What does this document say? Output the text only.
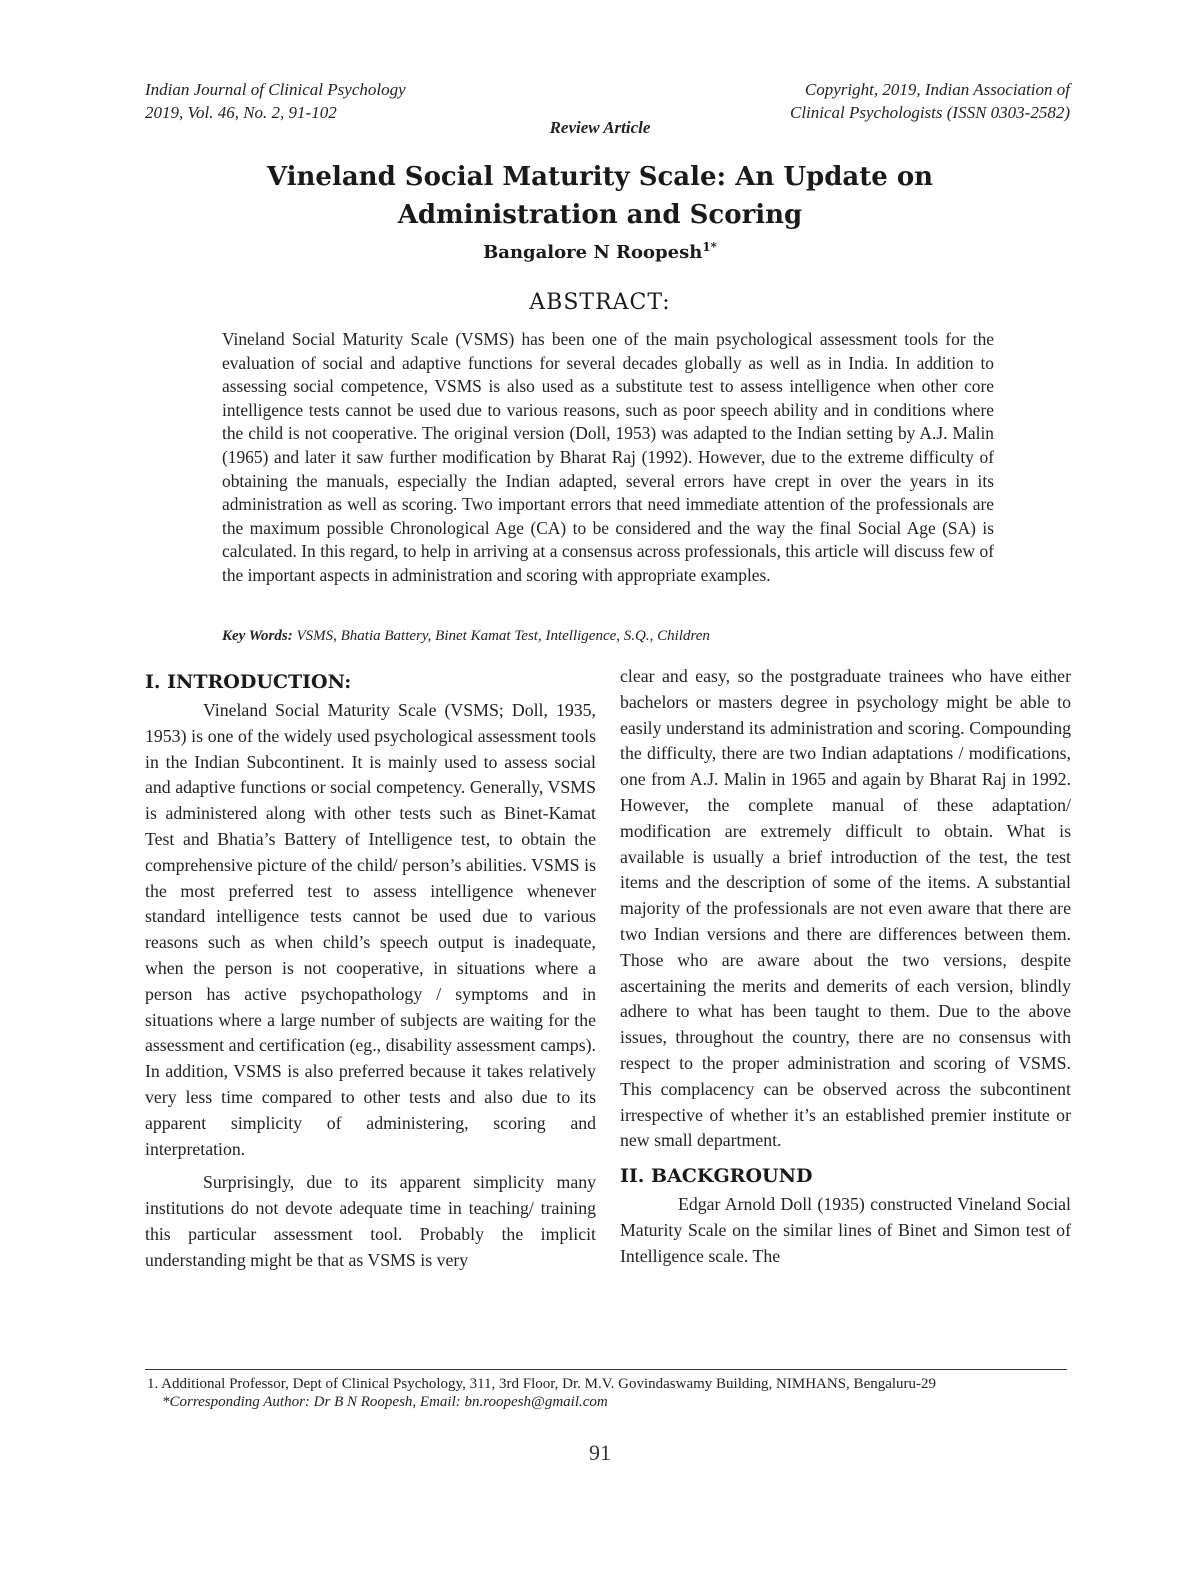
Indian Journal of Clinical Psychology
2019, Vol. 46, No. 2, 91-102
Copyright, 2019, Indian Association of
Clinical Psychologists (ISSN 0303-2582)
Review Article
Vineland Social Maturity Scale: An Update on
Administration and Scoring
Bangalore N Roopesh$^{1*}$
ABSTRACT:
Vineland Social Maturity Scale (VSMS) has been one of the main psychological assessment tools for the evaluation of social and adaptive functions for several decades globally as well as in India. In addition to assessing social competence, VSMS is also used as a substitute test to assess intelligence when other core intelligence tests cannot be used due to various reasons, such as poor speech ability and in conditions where the child is not cooperative. The original version (Doll, 1953) was adapted to the Indian setting by A.J. Malin (1965) and later it saw further modification by Bharat Raj (1992). However, due to the extreme difficulty of obtaining the manuals, especially the Indian adapted, several errors have crept in over the years in its administration as well as scoring. Two important errors that need immediate attention of the professionals are the maximum possible Chronological Age (CA) to be considered and the way the final Social Age (SA) is calculated. In this regard, to help in arriving at a consensus across professionals, this article will discuss few of the important aspects in administration and scoring with appropriate examples.
Key Words: VSMS, Bhatia Battery, Binet Kamat Test, Intelligence, S.Q., Children
I. INTRODUCTION:

Vineland Social Maturity Scale (VSMS; Doll, 1935, 1953) is one of the widely used psychological assessment tools in the Indian Subcontinent. It is mainly used to assess social and adaptive functions or social competency. Generally, VSMS is administered along with other tests such as Binet-Kamat Test and Bhatia’s Battery of Intelligence test, to obtain the comprehensive picture of the child/ person’s abilities. VSMS is the most preferred test to assess intelligence whenever standard intelligence tests cannot be used due to various reasons such as when child’s speech output is inadequate, when the person is not cooperative, in situations where a person has active psychopathology / symptoms and in situations where a large number of subjects are waiting for the assessment and certification (eg., disability assessment camps). In addition, VSMS is also preferred because it takes relatively very less time compared to other tests and also due to its apparent simplicity of administering, scoring and interpretation.

Surprisingly, due to its apparent simplicity many institutions do not devote adequate time in teaching/ training this particular assessment tool. Probably the implicit understanding might be that as VSMS is very

clear and easy, so the postgraduate trainees who have either bachelors or masters degree in psychology might be able to easily understand its administration and scoring. Compounding the difficulty, there are two Indian adaptations / modifications, one from A.J. Malin in 1965 and again by Bharat Raj in 1992. However, the complete manual of these adaptation/ modification are extremely difficult to obtain. What is available is usually a brief introduction of the test, the test items and the description of some of the items. A substantial majority of the professionals are not even aware that there are two Indian versions and there are differences between them. Those who are aware about the two versions, despite ascertaining the merits and demerits of each version, blindly adhere to what has been taught to them. Due to the above issues, throughout the country, there are no consensus with respect to the proper administration and scoring of VSMS. This complacency can be observed across the subcontinent irrespective of whether it’s an established premier institute or new small department.

II. BACKGROUND

Edgar Arnold Doll (1935) constructed Vineland Social Maturity Scale on the similar lines of Binet and Simon test of Intelligence scale. The

1. Additional Professor, Dept of Clinical Psychology, 311, 3rd Floor, Dr. M.V. Govindaswamy Building, NIMHANS, Bengaluru-29
*Corresponding Author: Dr B N Roopesh, Email: bn.roopesh@gmail.com
91
